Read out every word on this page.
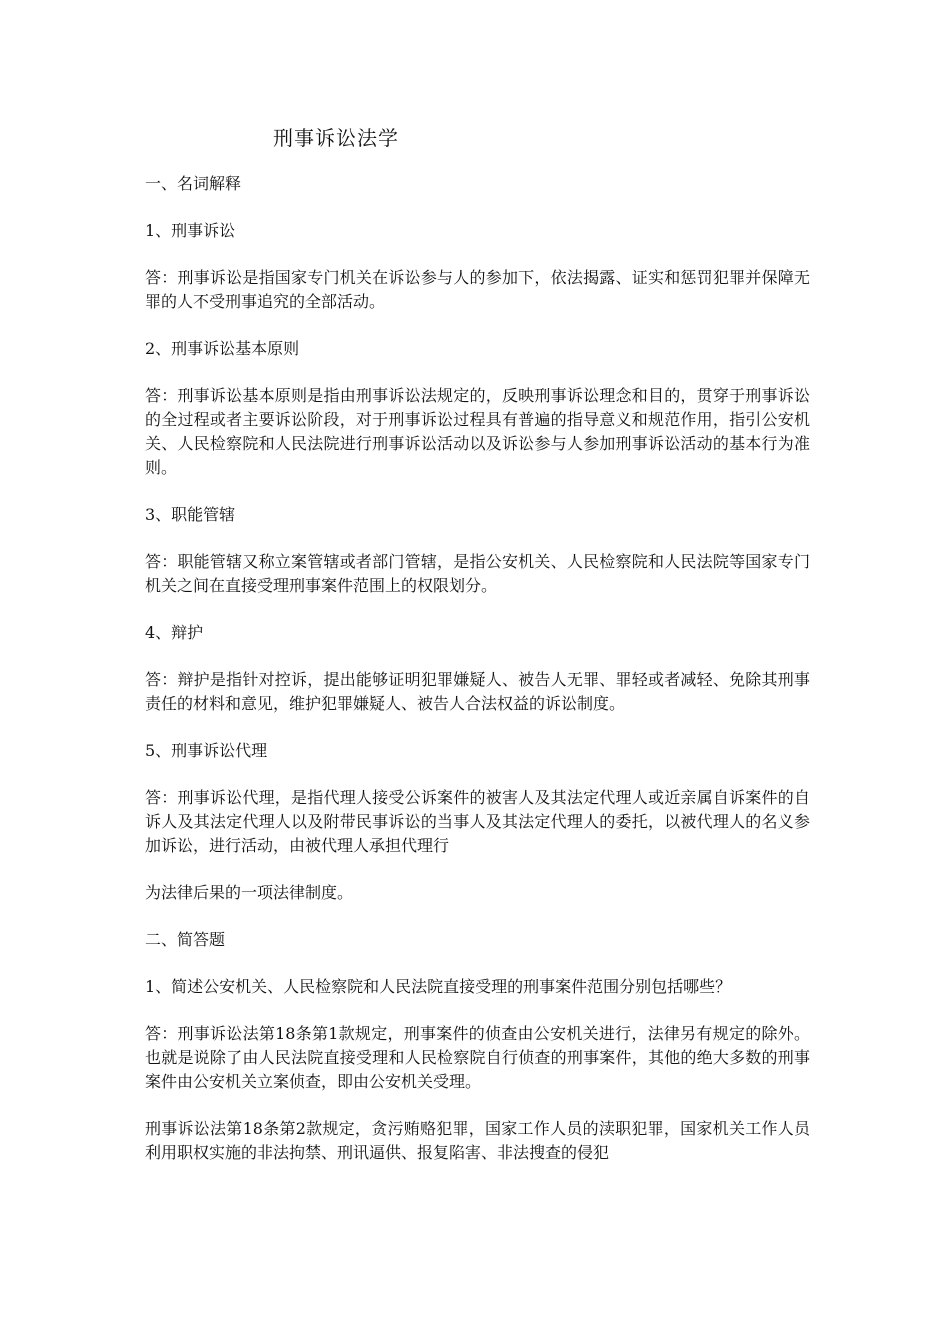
刑事诉讼法学

一、名词解释

1、刑事诉讼

答：刑事诉讼是指国家专门机关在诉讼参与人的参加下，依法揭露、证实和惩罚犯罪并保障无罪的人不受刑事追究的全部活动。

2、刑事诉讼基本原则

答：刑事诉讼基本原则是指由刑事诉讼法规定的，反映刑事诉讼理念和目的，贯穿于刑事诉讼的全过程或者主要诉讼阶段，对于刑事诉讼过程具有普遍的指导意义和规范作用，指引公安机关、人民检察院和人民法院进行刑事诉讼活动以及诉讼参与人参加刑事诉讼活动的基本行为准则。

3、职能管辖

答：职能管辖又称立案管辖或者部门管辖，是指公安机关、人民检察院和人民法院等国家专门机关之间在直接受理刑事案件范围上的权限划分。

4、辩护

答：辩护是指针对控诉，提出能够证明犯罪嫌疑人、被告人无罪、罪轻或者减轻、免除其刑事责任的材料和意见，维护犯罪嫌疑人、被告人合法权益的诉讼制度。

5、刑事诉讼代理

答：刑事诉讼代理，是指代理人接受公诉案件的被害人及其法定代理人或近亲属自诉案件的自诉人及其法定代理人以及附带民事诉讼的当事人及其法定代理人的委托，以被代理人的名义参加诉讼，进行活动，由被代理人承担代理行

为法律后果的一项法律制度。

二、简答题

1、简述公安机关、人民检察院和人民法院直接受理的刑事案件范围分别包括哪些？

答：刑事诉讼法第18条第1款规定，刑事案件的侦查由公安机关进行，法律另有规定的除外。也就是说除了由人民法院直接受理和人民检察院自行侦查的刑事案件，其他的绝大多数的刑事案件由公安机关立案侦查，即由公安机关受理。

刑事诉讼法第18条第2款规定，贪污贿赂犯罪，国家工作人员的渎职犯罪，国家机关工作人员利用职权实施的非法拘禁、刑讯逼供、报复陷害、非法搜查的侵犯
